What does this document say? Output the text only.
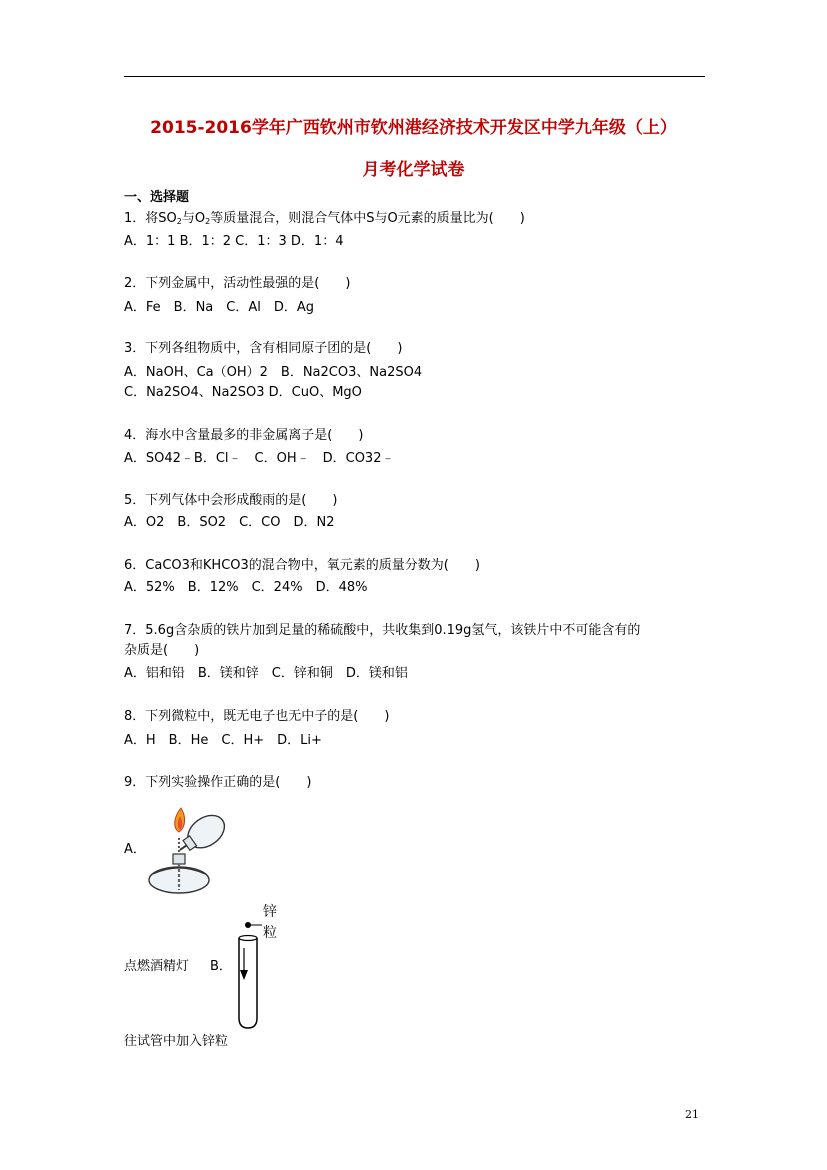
2015-2016学年广西钦州市钦州港经济技术开发区中学九年级（上）
月考化学试卷
一、选择题
1．将$SO_2$与$O_2$等质量混合，则混合气体中S与O元素的质量比为(　　)
A．1：1 B．1：2 C．1：3 D．1：4
2．下列金属中，活动性最强的是(　　)
A．Fe　B．Na　C．Al　D．Ag
3．下列各组物质中，含有相同原子团的是(　　)
A．NaOH、Ca（OH）2　B．Na2CO3、Na2SO4
C．Na2SO4、Na2SO3 D．CuO、MgO
4．海水中含量最多的非金属离子是(　　)
A．SO42﹣B．Cl﹣　C．OH﹣　D．CO32﹣
5．下列气体中会形成酸雨的是(　　)
A．O2　B．SO2　C．CO　D．N2
6．CaCO3和KHCO3的混合物中，氧元素的质量分数为(　　)
A．52%　B．12%　C．24%　D．48%
7．5.6g含杂质的铁片加到足量的稀硫酸中，共收集到0.19g氢气，该铁片中不可能含有的
杂质是(　　)
A．铝和铅　B．镁和锌　C．锌和铜　D．镁和铝
8．下列微粒中，既无电子也无中子的是(　　)
A．H　B．He　C．H+　D．Li+
9．下列实验操作正确的是(　　)
A．
点燃酒精灯 B．
锌
粒
往试管中加入锌粒
21
